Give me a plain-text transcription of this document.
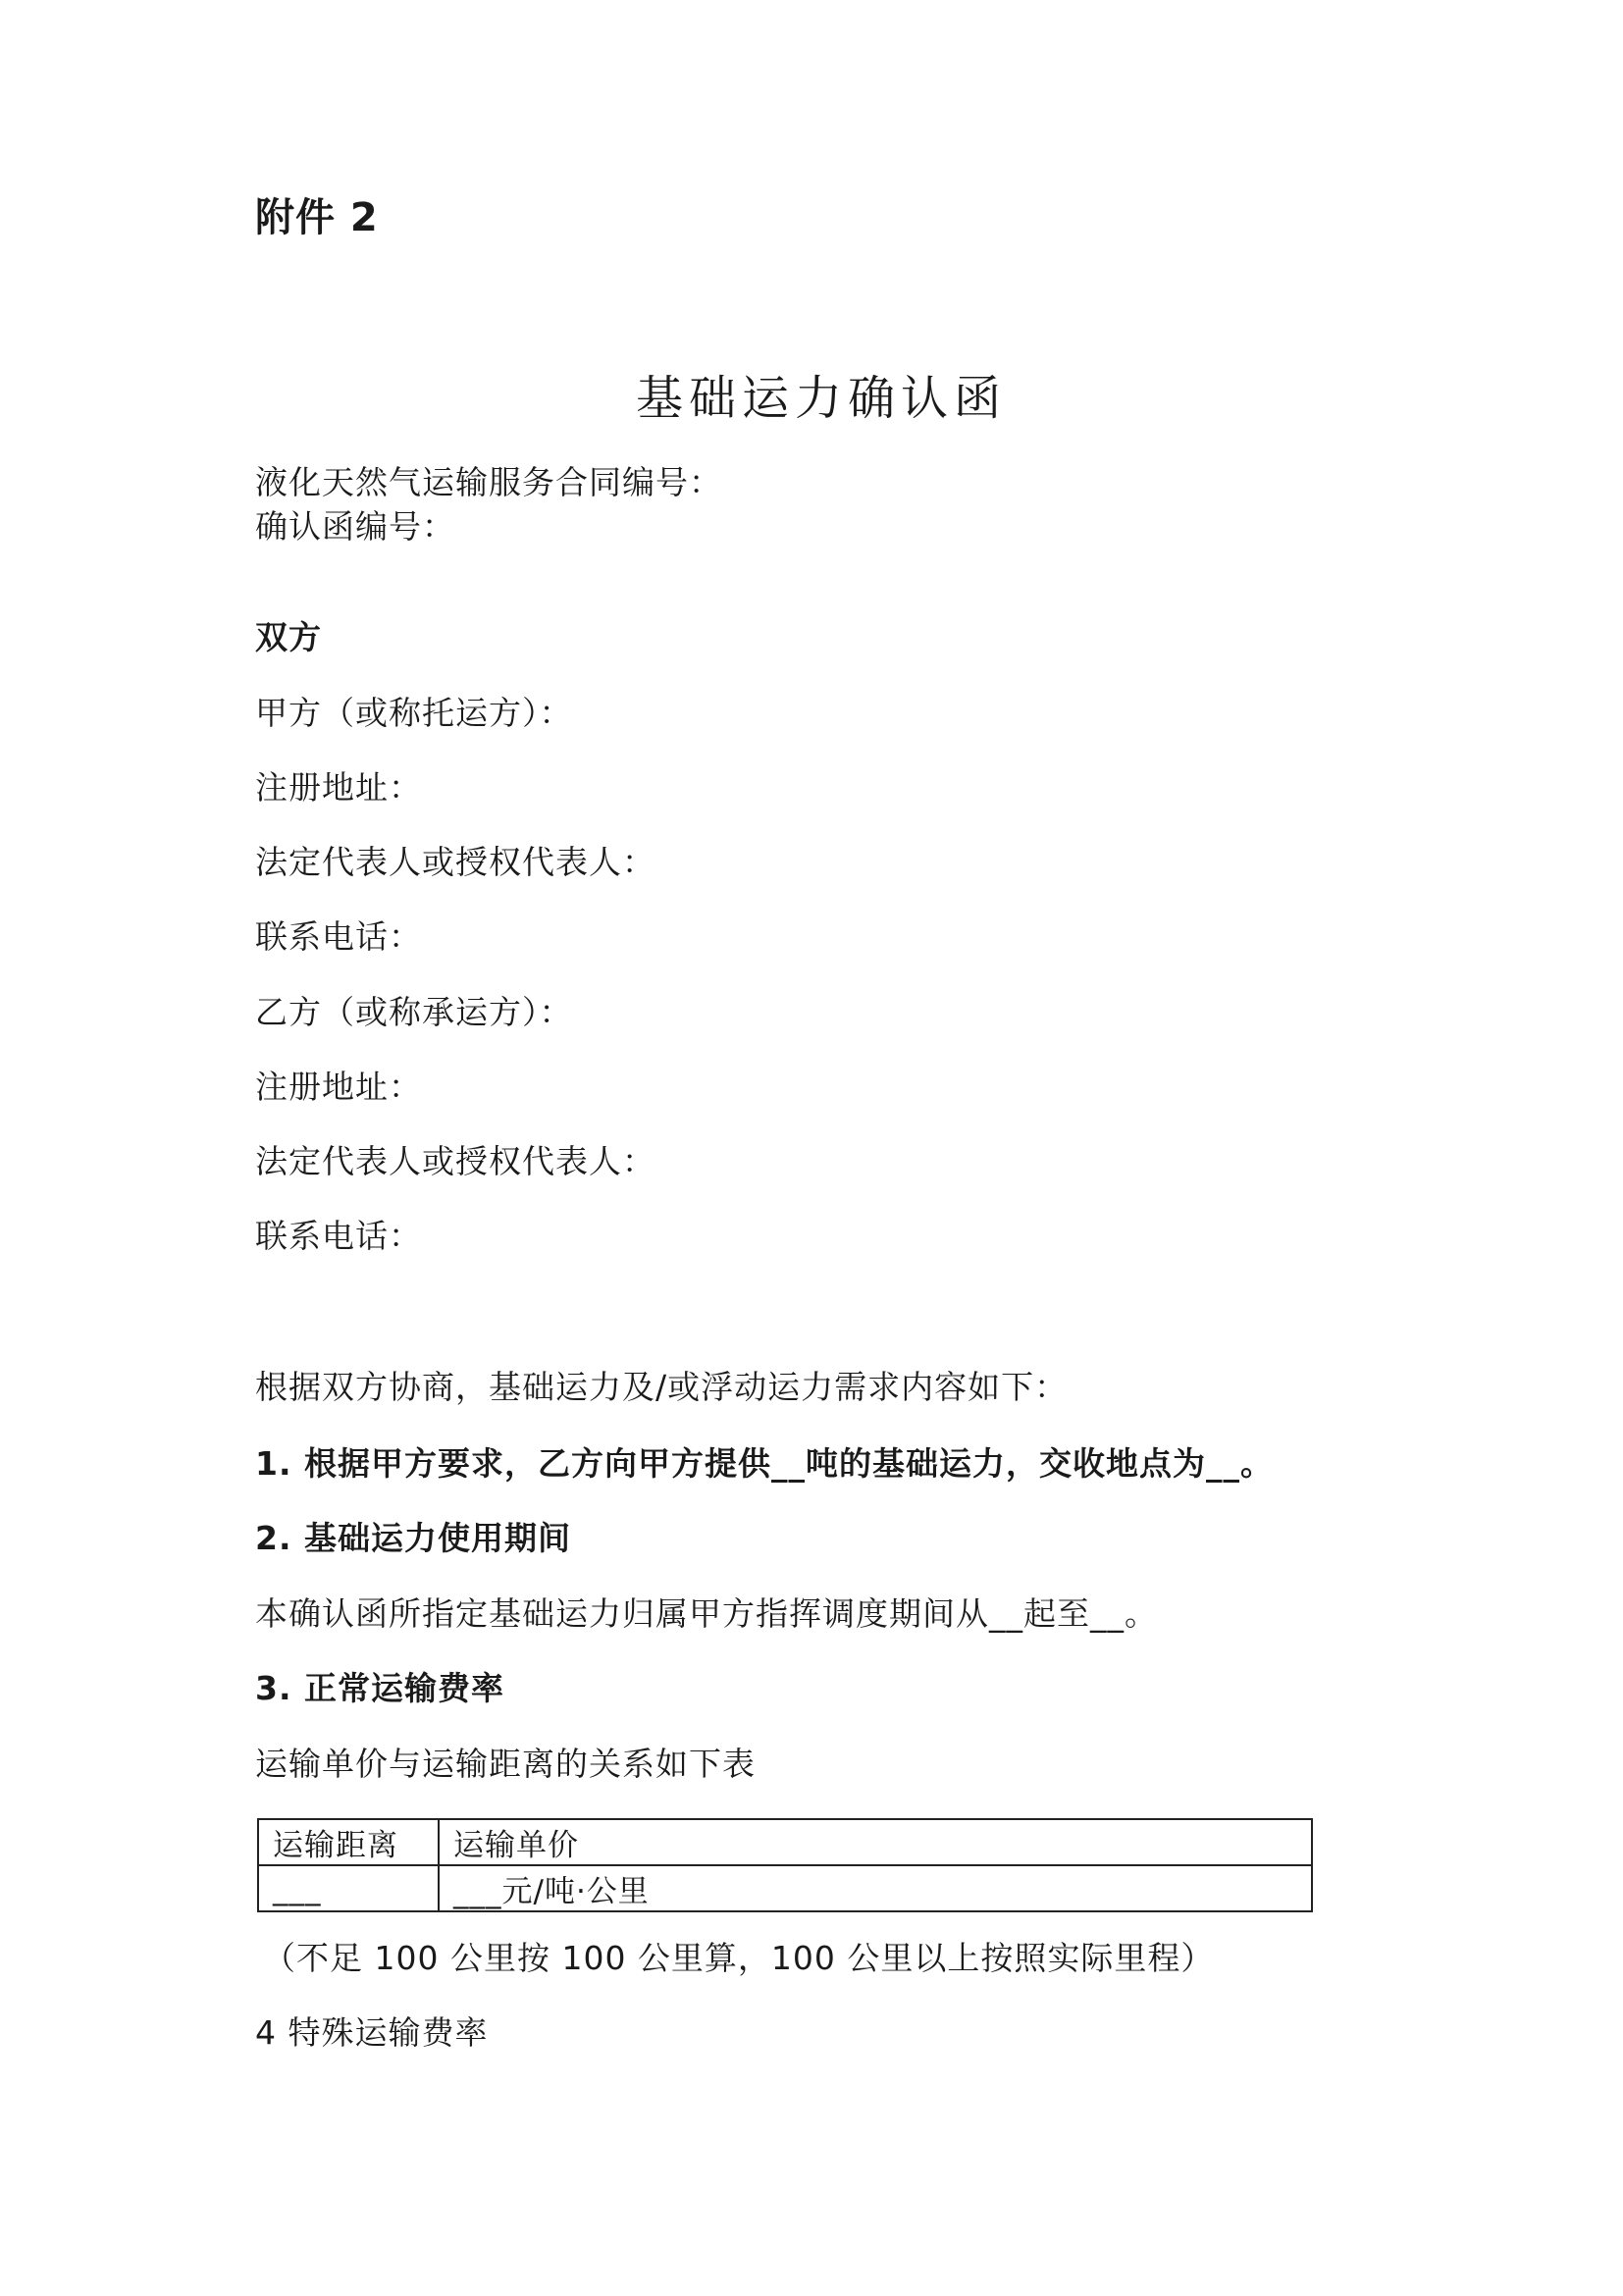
附件 2
基础运力确认函
液化天然气运输服务合同编号：
确认函编号：
双方
甲方（或称托运方）：
注册地址：
法定代表人或授权代表人：
联系电话：
乙方（或称承运方）：
注册地址：
法定代表人或授权代表人：
联系电话：
根据双方协商，基础运力及/或浮动运力需求内容如下：
1. 根据甲方要求，乙方向甲方提供__吨的基础运力，交收地点为__。
2. 基础运力使用期间
本确认函所指定基础运力归属甲方指挥调度期间从__起至__。
3. 正常运输费率
运输单价与运输距离的关系如下表
运输距离	运输单价
___	___元/吨·公里
（不足 100 公里按 100 公里算，100 公里以上按照实际里程）
4 特殊运输费率
